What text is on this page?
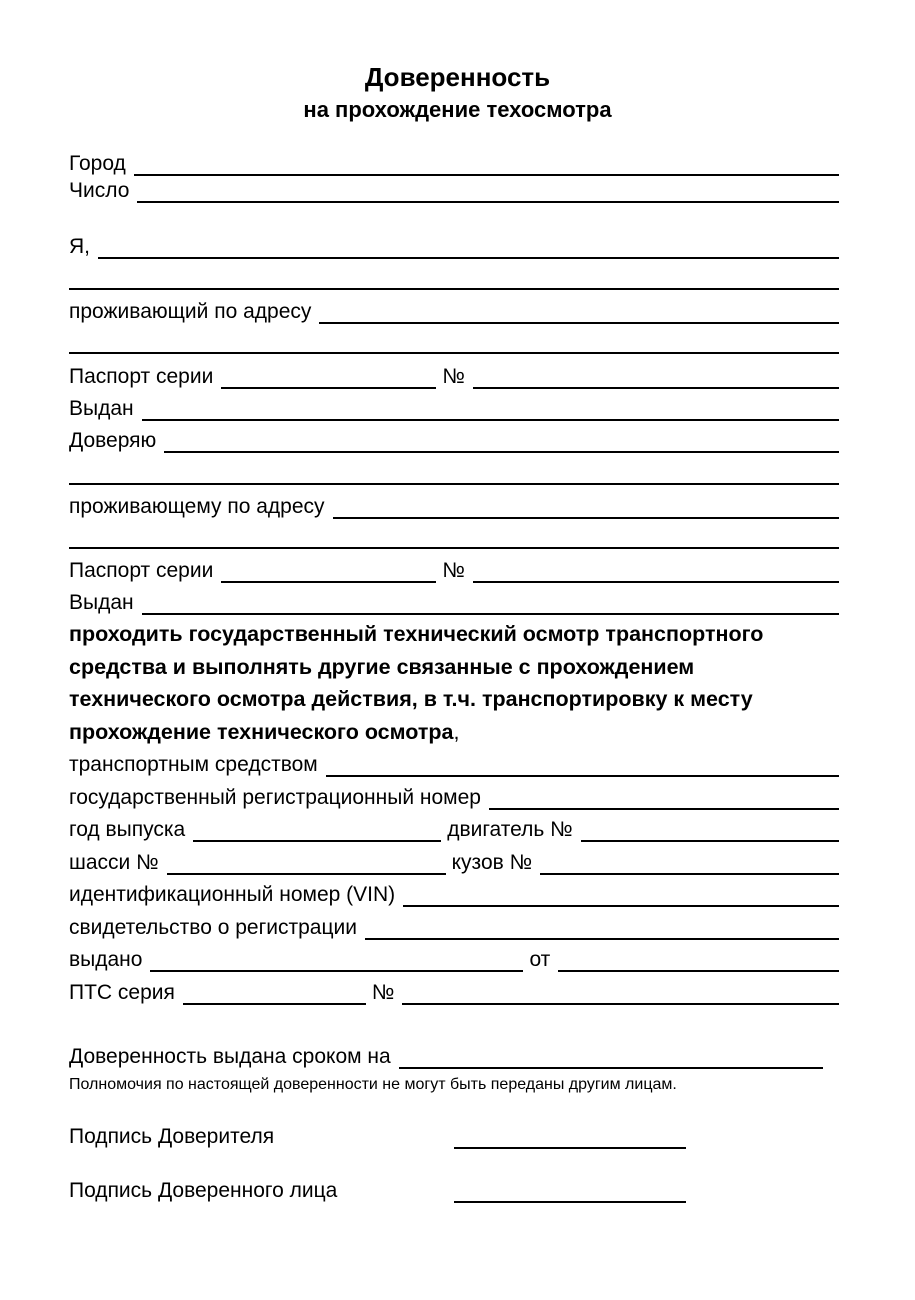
Доверенность
на прохождение техосмотра
Город
Число
Я,
проживающий по адресу
Паспорт серии	№
Выдан
Доверяю
проживающему по адресу
Паспорт серии	№
Выдан
проходить государственный технический осмотр транспортного
средства и выполнять другие связанные с прохождением
технического осмотра действия, в т.ч. транспортировку к месту
прохождение технического осмотра,
транспортным средством
государственный регистрационный номер
год выпуска	двигатель №
шасси №	кузов №
идентификационный номер (VIN)
свидетельство о регистрации
выдано	от
ПТС серия	№
Доверенность выдана сроком на
Полномочия по настоящей доверенности не могут быть переданы другим лицам.
Подпись Доверителя
Подпись Доверенного лица
